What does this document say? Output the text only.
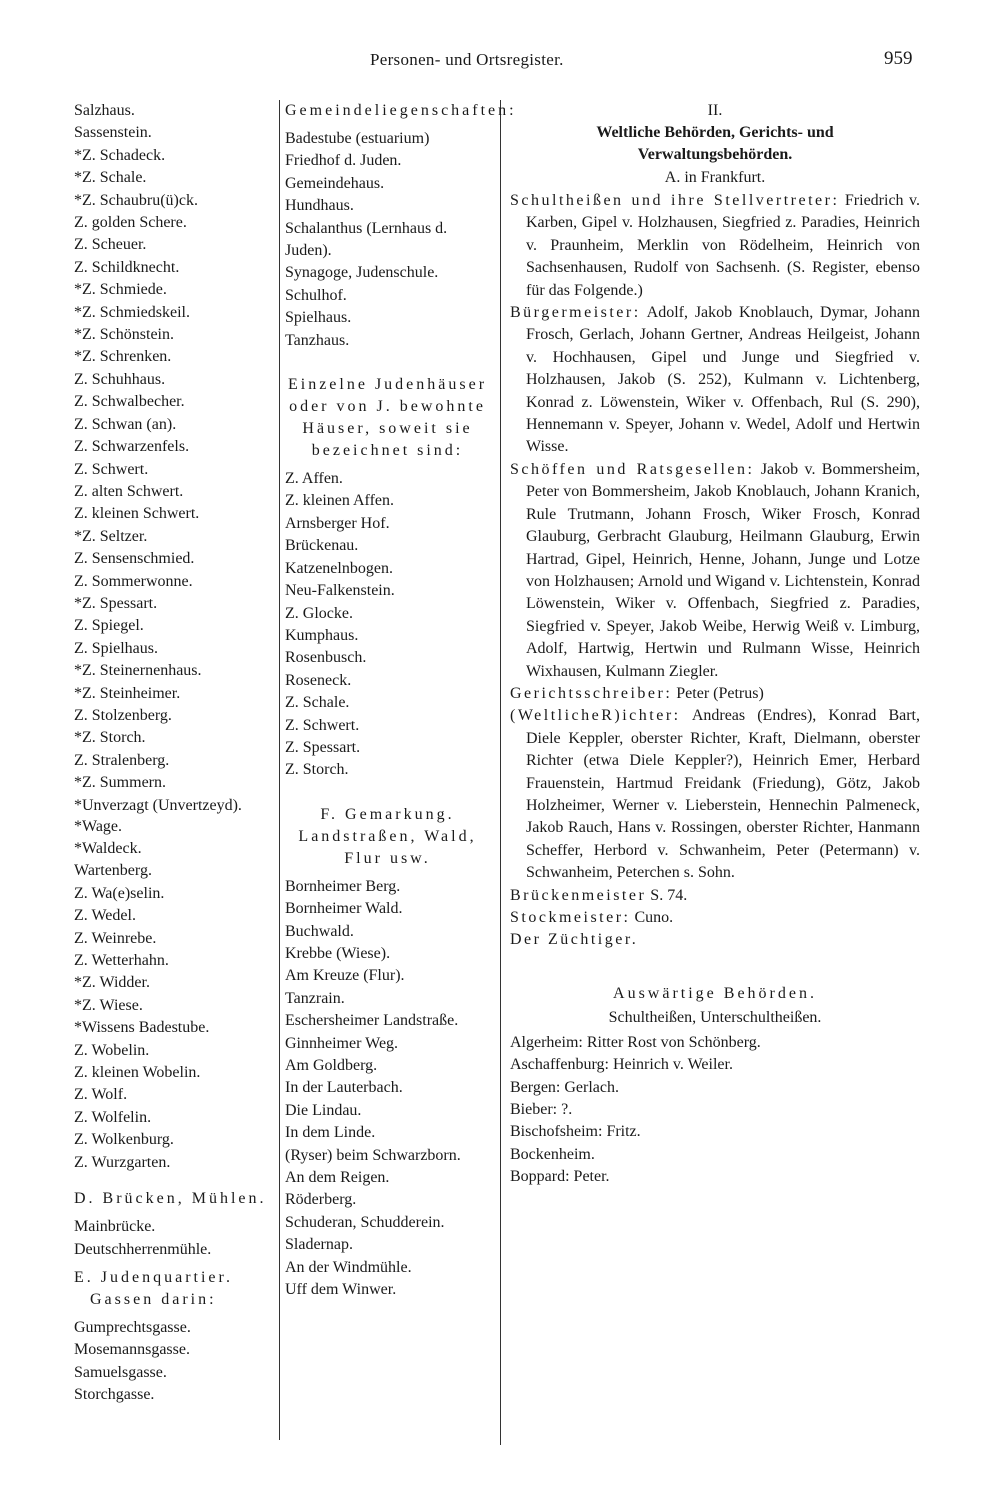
Personen- und Ortsregister.	959
Salzhaus.
Sassenstein.
*Z. Schadeck.
*Z. Schale.
*Z. Schaubru(ü)ck.
Z. golden Schere.
Z. Scheuer.
Z. Schildknecht.
*Z. Schmiede.
*Z. Schmiedskeil.
*Z. Schönstein.
*Z. Schrenken.
Z. Schuhhaus.
Z. Schwalbecher.
Z. Schwan (an).
Z. Schwarzenfels.
Z. Schwert.
Z. alten Schwert.
Z. kleinen Schwert.
*Z. Seltzer.
Z. Sensenschmied.
Z. Sommerwonne.
*Z. Spessart.
Z. Spiegel.
Z. Spielhaus.
*Z. Steinernenhaus.
*Z. Steinheimer.
Z. Stolzenberg.
*Z. Storch.
Z. Stralenberg.
*Z. Summern.
*Unverzagt (Unvertzeyd).
*Wage.
*Waldeck.
Wartenberg.
Z. Wa(e)selin.
Z. Wedel.
Z. Weinrebe.
Z. Wetterhahn.
*Z. Widder.
*Z. Wiese.
*Wissens Badestube.
Z. Wobelin.
Z. kleinen Wobelin.
Z. Wolf.
Z. Wolfelin.
Z. Wolkenburg.
Z. Wurzgarten.
D. Brücken, Mühlen.
Mainbrücke.
Deutschherrenmühle.
E. Judenquartier. Gassen darin:
Gumprechtsgasse.
Mosemannsgasse.
Samuelsgasse.
Storchgasse.
Gemeindeliegenschaften:
Badestube (estuarium)
Friedhof d. Juden.
Gemeindehaus.
Hundhaus.
Schalanthus (Lernhaus d. Juden).
Synagoge, Judenschule.
Schulhof.
Spielhaus.
Tanzhaus.
Einzelne Judenhäuser oder von J. bewohnte Häuser, soweit sie bezeichnet sind:
Z. Affen.
Z. kleinen Affen.
Arnsberger Hof.
Brückenau.
Katzenelnbogen.
Neu-Falkenstein.
Z. Glocke.
Kumphaus.
Rosenbusch.
Roseneck.
Z. Schale.
Z. Schwert.
Z. Spessart.
Z. Storch.
F. Gemarkung. Landstraßen, Wald, Flur usw.
Bornheimer Berg.
Bornheimer Wald.
Buchwald.
Krebbe (Wiese).
Am Kreuze (Flur).
Tanzrain.
Eschersheimer Landstraße.
Ginnheimer Weg.
Am Goldberg.
In der Lauterbach.
Die Lindau.
In dem Linde.
(Ryser) beim Schwarzborn.
An dem Reigen.
Röderberg.
Schuderan, Schudderein.
Sladernap.
An der Windmühle.
Uff dem Winwer.
II.
Weltliche Behörden, Gerichts- und Verwaltungsbehörden.
A. in Frankfurt.

Schultheißen und ihre Stellvertreter: Friedrich v. Karben, Gipel v. Holzhausen, Siegfried z. Paradies, Heinrich v. Praunheim, Merklin von Rödelheim, Heinrich von Sachsenhausen, Rudolf von Sachsenh. (S. Register, ebenso für das Folgende.)

Bürgermeister: Adolf, Jakob Knoblauch, Dymar, Johann Frosch, Gerlach, Johann Gertner, Andreas Heilgeist, Johann v. Hochhausen, Gipel und Junge und Siegfried v. Holzhausen, Jakob (S. 252), Kulmann v. Lichtenberg, Konrad z. Löwenstein, Wiker v. Offenbach, Rul (S. 290), Hennemann v. Speyer, Johann v. Wedel, Adolf und Hertwin Wisse.

Schöffen und Ratsgesellen: Jakob v. Bommersheim, Peter von Bommersheim, Jakob Knoblauch, Johann Kranich, Rule Trutmann, Johann Frosch, Wiker Frosch, Konrad Glauburg, Gerbracht Glauburg, Heilmann Glauburg, Erwin Hartrad, Gipel, Heinrich, Henne, Johann, Junge und Lotze von Holzhausen; Arnold und Wigand v. Lichtenstein, Konrad Löwenstein, Wiker v. Offenbach, Siegfried z. Paradies, Siegfried v. Speyer, Jakob Weibe, Herwig Weiß v. Limburg, Adolf, Hartwig, Hertwin und Rulmann Wisse, Heinrich Wixhausen, Kulmann Ziegler.

Gerichtsschreiber: Peter (Petrus)

(WeltlicheR)ichter: Andreas (Endres), Konrad Bart, Diele Keppler, oberster Richter, Kraft, Dielmann, oberster Richter (etwa Diele Keppler?), Heinrich Emer, Herbard Frauenstein, Hartmud Freidank (Friedung), Götz, Jakob Holzheimer, Werner v. Lieberstein, Hennechin Palmeneck, Jakob Rauch, Hans v. Rossingen, oberster Richter, Hanmann Scheffer, Herbord v. Schwanheim, Peter (Petermann) v. Schwanheim, Peterchen s. Sohn.

Brückenmeister S. 74.

Stockmeister: Cuno.

Der Züchtiger.

Auswärtige Behörden.
Schultheißen, Unterschultheißen.
Algerheim: Ritter Rost von Schönberg.
Aschaffenburg: Heinrich v. Weiler.
Bergen: Gerlach.
Bieber: ?.
Bischofsheim: Fritz.
Bockenheim.
Boppard: Peter.
